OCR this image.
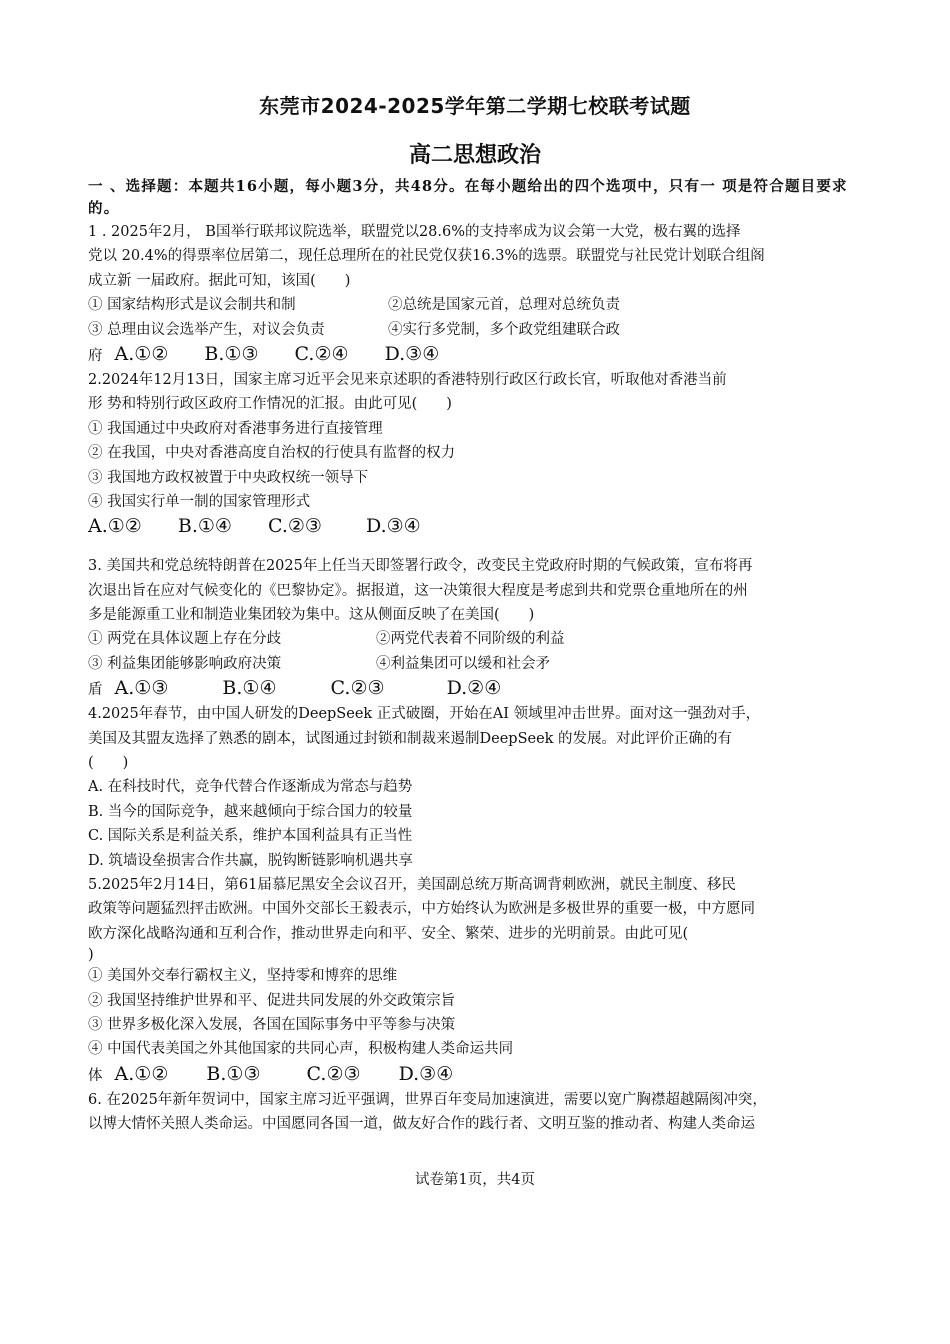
东莞市2024-2025学年第二学期七校联考试题
高二思想政治
一 、选择题：本题共16小题，每小题3分，共48分。在每小题给出的四个选项中，只有一 项是符合题目要求的。
1 . 2025年2月， B国举行联邦议院选举，联盟党以28.6%的支持率成为议会第一大党，极右翼的选择
党以 20.4%的得票率位居第二，现任总理所在的社民党仅获16.3%的选票。联盟党与社民党计划联合组阁
成立新 一届政府。据此可知，该国(　　)
① 国家结构形式是议会制共和制	②总统是国家元首，总理对总统负责
③ 总理由议会选举产生，对议会负责	④实行多党制，多个政党组建联合政
府 A.①② B.①③ C.②④ D.③④
2.2024年12月13日，国家主席习近平会见来京述职的香港特别行政区行政长官，听取他对香港当前
形 势和特别行政区政府工作情况的汇报。由此可见(　　)
① 我国通过中央政府对香港事务进行直接管理
② 在我国，中央对香港高度自治权的行使具有监督的权力
③ 我国地方政权被置于中央政权统一领导下
④ 我国实行单一制的国家管理形式
A.①② B.①④ C.②③ D.③④
3. 美国共和党总统特朗普在2025年上任当天即签署行政令，改变民主党政府时期的气候政策，宣布将再
次退出旨在应对气候变化的《巴黎协定》。据报道，这一决策很大程度是考虑到共和党票仓重地所在的州
多是能源重工业和制造业集团较为集中。这从侧面反映了在美国(　　)
① 两党在具体议题上存在分歧	②两党代表着不同阶级的利益
③ 利益集团能够影响政府决策	④利益集团可以缓和社会矛
盾 A.①③	B.①④	C.②③	D.②④
4.2025年春节，由中国人研发的DeepSeek 正式破圈，开始在AI 领域里冲击世界。面对这一强劲对手，
美国及其盟友选择了熟悉的剧本，试图通过封锁和制裁来遏制DeepSeek 的发展。对此评价正确的有
(　　)
A. 在科技时代，竞争代替合作逐渐成为常态与趋势
B. 当今的国际竞争，越来越倾向于综合国力的较量
C. 国际关系是利益关系，维护本国利益具有正当性
D. 筑墙设垒损害合作共赢，脱钩断链影响机遇共享
5.2025年2月14日，第61届慕尼黑安全会议召开，美国副总统万斯高调背刺欧洲，就民主制度、移民
政策等问题猛烈抨击欧洲。中国外交部长王毅表示，中方始终认为欧洲是多极世界的重要一极，中方愿同
欧方深化战略沟通和互利合作，推动世界走向和平、安全、繁荣、进步的光明前景。由此可见(
)
① 美国外交奉行霸权主义，坚持零和博弈的思维
② 我国坚持维护世界和平、促进共同发展的外交政策宗旨
③ 世界多极化深入发展，各国在国际事务中平等参与决策
④ 中国代表美国之外其他国家的共同心声，积极构建人类命运共同
体 A.①② B.①③ C.②③ D.③④
6. 在2025年新年贺词中，国家主席习近平强调，世界百年变局加速演进，需要以宽广胸襟超越隔阂冲突，
以博大情怀关照人类命运。中国愿同各国一道，做友好合作的践行者、文明互鉴的推动者、构建人类命运
试卷第1页，共4页
